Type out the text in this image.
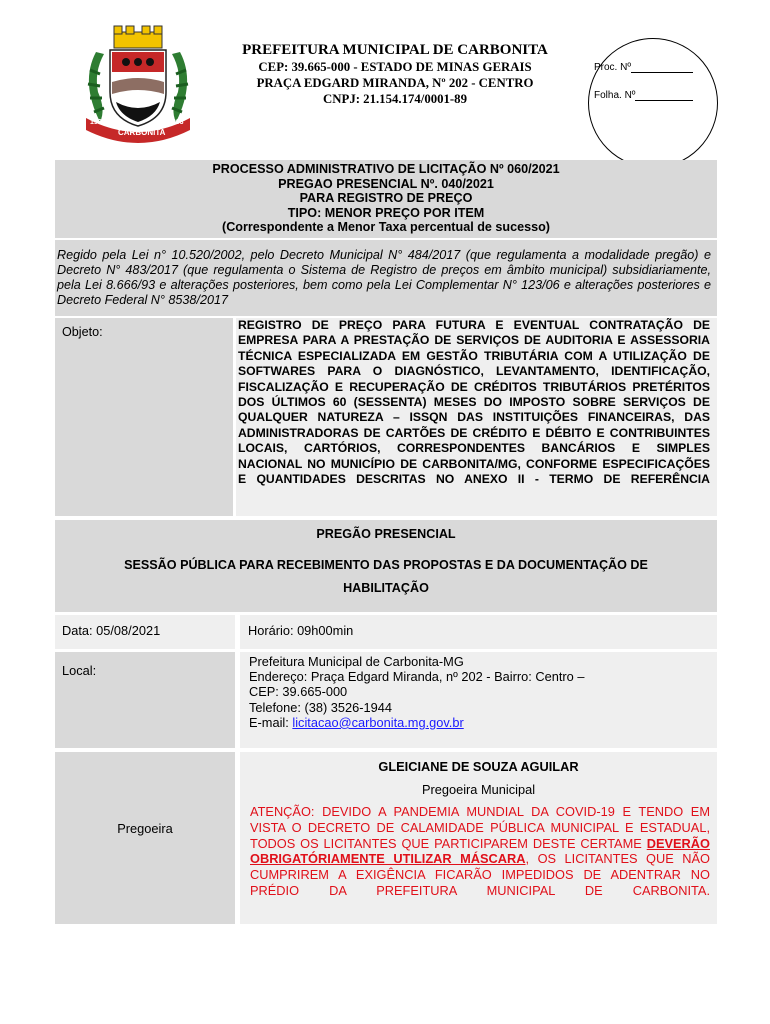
1938
CARBONITA
1963
PREFEITURA MUNICIPAL DE CARBONITA
CEP: 39.665-000 - ESTADO DE MINAS GERAIS
PRAÇA EDGARD MIRANDA, Nº 202 - CENTRO
CNPJ: 21.154.174/0001-89
Proc. Nº
Folha. Nº
PROCESSO ADMINISTRATIVO DE LICITAÇÃO Nº 060/2021
PREGAO PRESENCIAL Nº. 040/2021
PARA REGISTRO DE PREÇO
TIPO: MENOR PREÇO POR ITEM
(Correspondente a Menor Taxa percentual de sucesso)
Regido pela Lei n° 10.520/2002, pelo Decreto Municipal N° 484/2017 (que regulamenta a modalidade pregão) e Decreto N° 483/2017 (que regulamenta o Sistema de Registro de preços em âmbito municipal) subsidiariamente, pela Lei 8.666/93 e alterações posteriores, bem como pela Lei Complementar N° 123/06 e alterações posteriores e Decreto Federal N° 8538/2017
Objeto:	REGISTRO DE PREÇO PARA FUTURA E EVENTUAL CONTRATAÇÃO DE EMPRESA PARA A PRESTAÇÃO DE SERVIÇOS DE AUDITORIA E ASSESSORIA TÉCNICA ESPECIALIZADA EM GESTÃO TRIBUTÁRIA COM A UTILIZAÇÃO DE SOFTWARES PARA O DIAGNÓSTICO, LEVANTAMENTO, IDENTIFICAÇÃO, FISCALIZAÇÃO E RECUPERAÇÃO DE CRÉDITOS TRIBUTÁRIOS PRETÉRITOS DOS ÚLTIMOS 60 (SESSENTA) MESES DO IMPOSTO SOBRE SERVIÇOS DE QUALQUER NATUREZA – ISSQN DAS INSTITUIÇÕES FINANCEIRAS, DAS ADMINISTRADORAS DE CARTÕES DE CRÉDITO E DÉBITO E CONTRIBUINTES LOCAIS, CARTÓRIOS, CORRESPONDENTES BANCÁRIOS E SIMPLES NACIONAL NO MUNICÍPIO DE CARBONITA/MG, CONFORME ESPECIFICAÇÕES E QUANTIDADES DESCRITAS NO ANEXO II - TERMO DE REFERÊNCIA
PREGÃO PRESENCIAL
SESSÃO PÚBLICA PARA RECEBIMENTO DAS PROPOSTAS E DA DOCUMENTAÇÃO DE
HABILITAÇÃO
Data: 05/08/2021	Horário: 09h00min
Local:
Prefeitura Municipal de Carbonita-MG
Endereço: Praça Edgard Miranda, nº 202 - Bairro: Centro –
CEP: 39.665-000
Telefone: (38) 3526-1944
E-mail: licitacao@carbonita.mg.gov.br
Pregoeira
GLEICIANE DE SOUZA AGUILAR
Pregoeira Municipal
ATENÇÃO: DEVIDO A PANDEMIA MUNDIAL DA COVID-19 E TENDO EM VISTA O DECRETO DE CALAMIDADE PÚBLICA MUNICIPAL E ESTADUAL, TODOS OS LICITANTES QUE PARTICIPAREM DESTE CERTAME DEVERÃO OBRIGATÓRIAMENTE UTILIZAR MÁSCARA, OS LICITANTES QUE NÃO CUMPRIREM A EXIGÊNCIA FICARÃO IMPEDIDOS DE ADENTRAR NO PRÉDIO DA PREFEITURA MUNICIPAL DE CARBONITA.
